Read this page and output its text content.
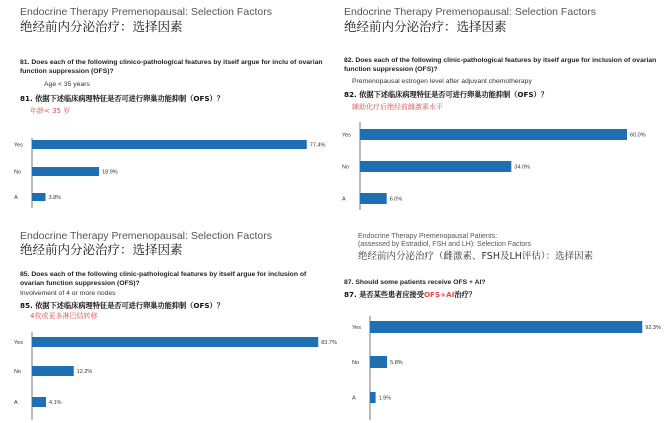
Endocrine Therapy Premenopausal: Selection Factors
绝经前内分泌治疗：选择因素
81. Does each of the following clinico-pathological features by itself argue for inclu of ovarian function suppression (OFS)?
Age < 35 years
81. 依据下述临床病理特征是否可进行卵巢功能抑制（OFS）？
年龄< 35 岁
Yes	77.4%
No	18.9%
A	3.8%
Endocrine Therapy Premenopausal: Selection Factors
绝经前内分泌治疗：选择因素
82. Does each of the following clinic-pathological features by itself argue for inclusion of ovarian function suppression (OFS)?
Premenopausal estrogen level after adjuvant chemotherapy
82. 依据下述临床病理特征是否可进行卵巢功能抑制（OFS）？
辅助化疗后绝经前雌激素水平
Yes	60.0%
No	34.0%
A	6.0%
Endocrine Therapy Premenopausal: Selection Factors
绝经前内分泌治疗：选择因素
85. Does each of the following clinic-pathological features by itself argue for inclusion of ovarian function suppression (OFS)?
Involvement of 4 or more nodes
85. 依据下述临床病理特征是否可进行卵巢功能抑制（OFS）？
4枚或更多淋巴结转移
Yes	83.7%
No	12.2%
A	4.1%
Endocrine Therapy Premenopausal Patients:
(assessed by Estradiol, FSH and LH): Selection Factors
绝经前内分泌治疗（雌激素、FSH及LH评估）：选择因素
87. Should some patients receive OFS + AI?
87. 是否某些患者应接受OFS+AI治疗？
Yes	92.3%
No	5.8%
A	1.9%
